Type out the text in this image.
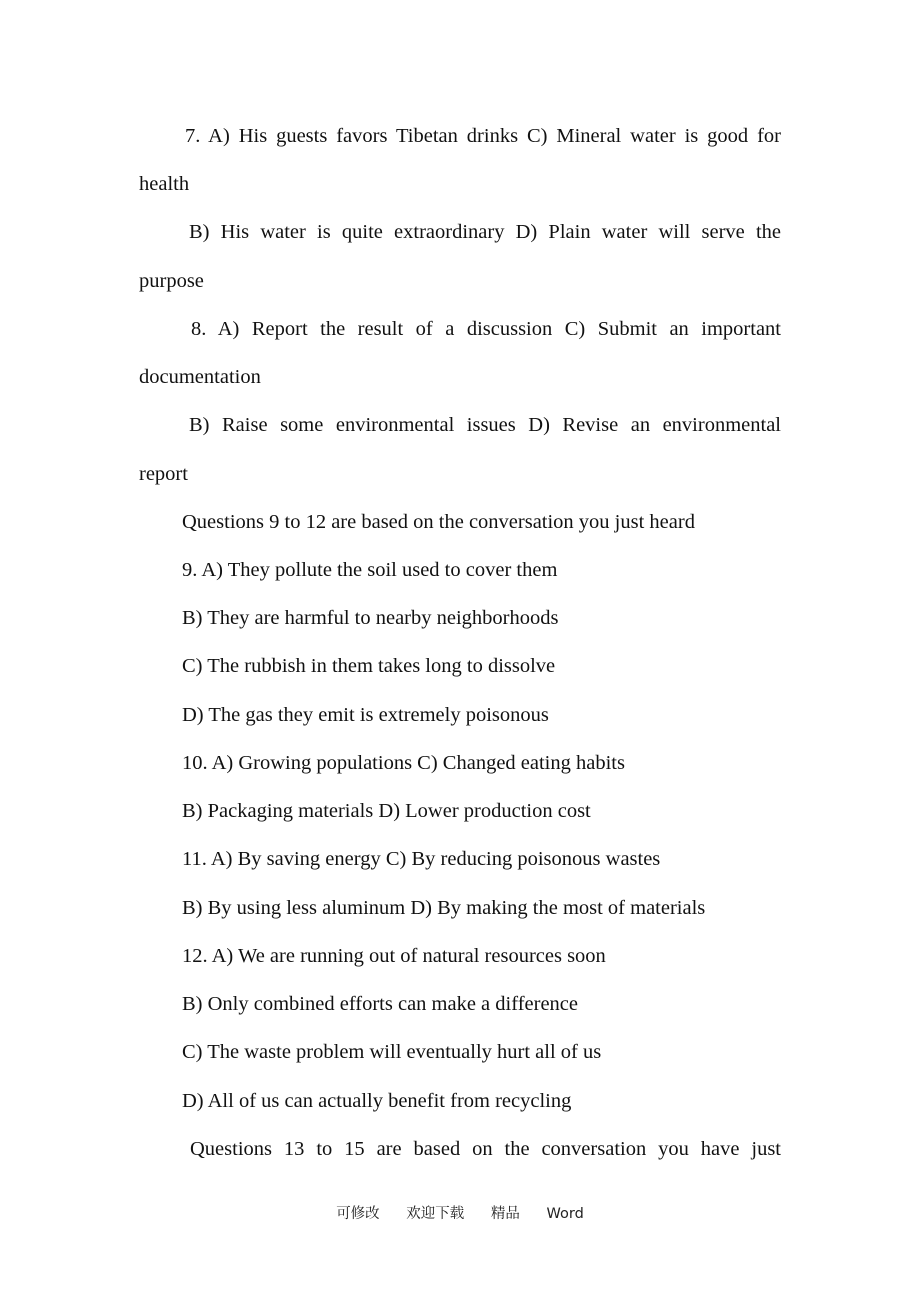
7. A) His guests favors Tibetan drinks C) Mineral water is good for
health
B) His water is quite extraordinary D) Plain water will serve the
purpose
8. A) Report the result of a discussion C) Submit an important
documentation
B) Raise some environmental issues D) Revise an environmental
report
Questions 9 to 12 are based on the conversation you just heard
9. A) They pollute the soil used to cover them
B) They are harmful to nearby neighborhoods
C) The rubbish in them takes long to dissolve
D) The gas they emit is extremely poisonous
10. A) Growing populations C) Changed eating habits
B) Packaging materials D) Lower production cost
11. A) By saving energy C) By reducing poisonous wastes
B) By using less aluminum D) By making the most of materials
12. A) We are running out of natural resources soon
B) Only combined efforts can make a difference
C) The waste problem will eventually hurt all of us
D) All of us can actually benefit from recycling
Questions 13 to 15 are based on the conversation you have just
可修改 欢迎下载 精品 Word
